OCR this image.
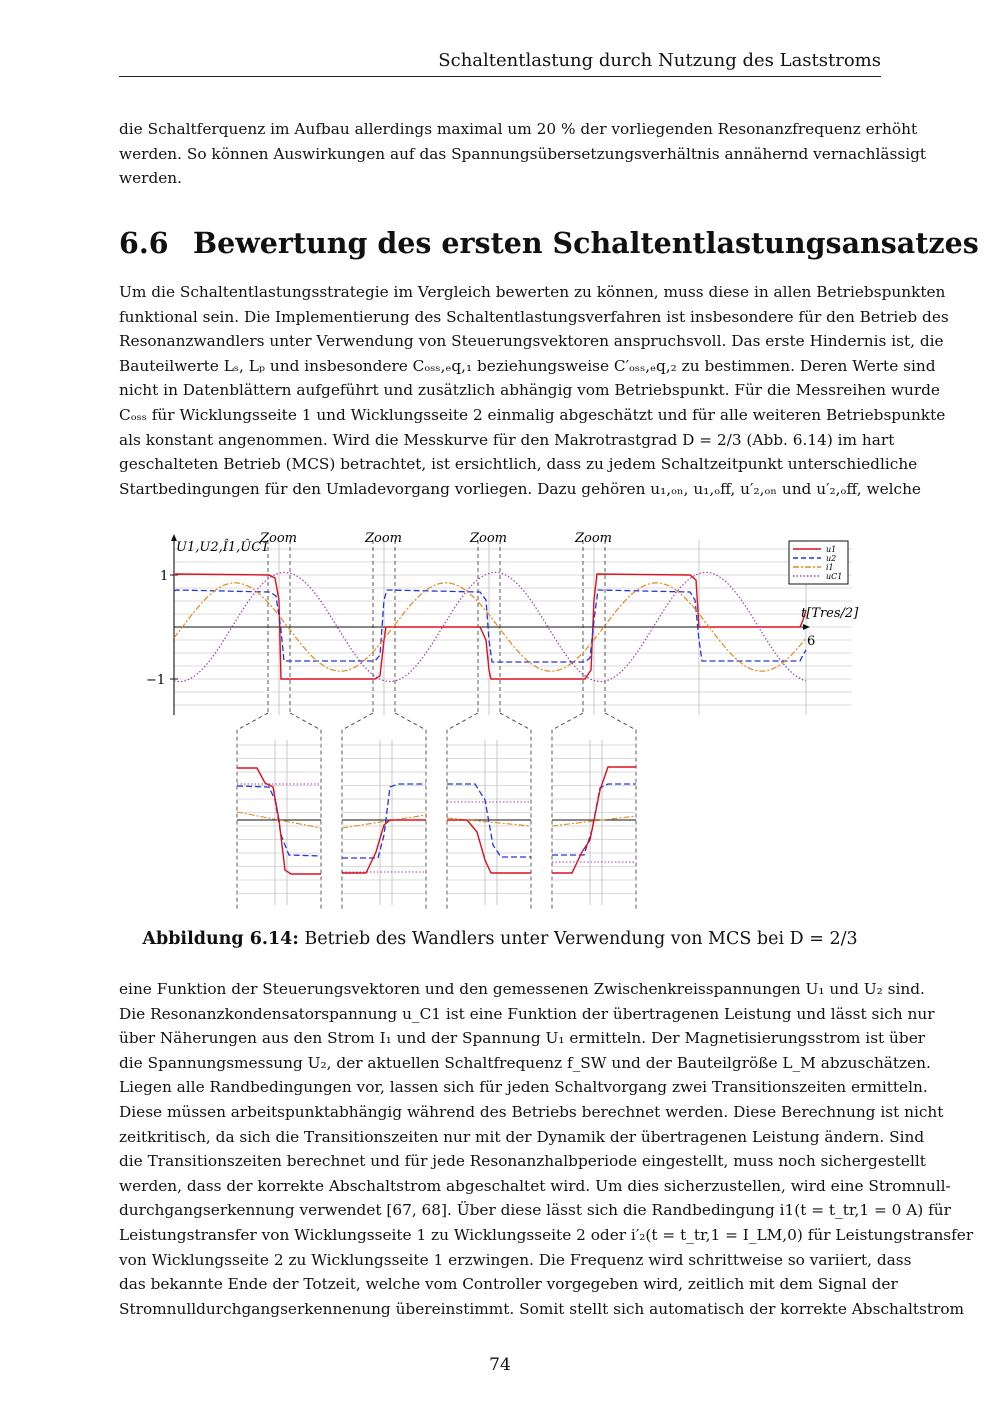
Schaltentlastung durch Nutzung des Laststroms

die Schaltferquenz im Aufbau allerdings maximal um 20 % der vorliegenden Resonanzfrequenz erhöht
werden. So können Auswirkungen auf das Spannungsübersetzungsverhältnis annähernd vernachlässigt
werden.

6.6 Bewertung des ersten Schaltentlastungsansatzes

Um die Schaltentlastungsstrategie im Vergleich bewerten zu können, muss diese in allen Betriebspunkten
funktional sein. Die Implementierung des Schaltentlastungsverfahren ist insbesondere für den Betrieb des
Resonanzwandlers unter Verwendung von Steuerungsvektoren anspruchsvoll. Das erste Hindernis ist, die
Bauteilwerte Lₛ, Lₚ und insbesondere Cₒₛₛ,ₑq,₁ beziehungsweise C′ₒₛₛ,ₑq,₂ zu bestimmen. Deren Werte sind
nicht in Datenblättern aufgeführt und zusätzlich abhängig vom Betriebspunkt. Für die Messreihen wurde
Cₒₛₛ für Wicklungsseite 1 und Wicklungsseite 2 einmalig abgeschätzt und für alle weiteren Betriebspunkte
als konstant angenommen. Wird die Messkurve für den Makrotrastgrad D = 2/3 (Abb. 6.14) im hart
geschalteten Betrieb (MCS) betrachtet, ist ersichtlich, dass zu jedem Schaltzeitpunkt unterschiedliche
Startbedingungen für den Umladevorgang vorliegen. Dazu gehören u₁,ₒₙ, u₁,ₒff, u′₂,ₒₙ und u′₂,ₒff, welche

U1,U2,Î1,ÛC1
1
−1
t[Tres/2]
6
Zoom	Zoom	Zoom	Zoom
u1
u2
i1
uC1
Abbildung 6.14: Betrieb des Wandlers unter Verwendung von MCS bei D = 2/3

eine Funktion der Steuerungsvektoren und den gemessenen Zwischenkreisspannungen U₁ und U₂ sind.
Die Resonanzkondensatorspannung u_C1 ist eine Funktion der übertragenen Leistung und lässt sich nur
über Näherungen aus den Strom I₁ und der Spannung U₁ ermitteln. Der Magnetisierungsstrom ist über
die Spannungsmessung U₂, der aktuellen Schaltfrequenz f_SW und der Bauteilgröße L_M abzuschätzen.
Liegen alle Randbedingungen vor, lassen sich für jeden Schaltvorgang zwei Transitionszeiten ermitteln.
Diese müssen arbeitspunktabhängig während des Betriebs berechnet werden. Diese Berechnung ist nicht
zeitkritisch, da sich die Transitionszeiten nur mit der Dynamik der übertragenen Leistung ändern. Sind
die Transitionszeiten berechnet und für jede Resonanzhalbperiode eingestellt, muss noch sichergestellt
werden, dass der korrekte Abschaltstrom abgeschaltet wird. Um dies sicherzustellen, wird eine Stromnull-
durchgangserkennung verwendet [67, 68]. Über diese lässt sich die Randbedingung i1(t = t_tr,1 = 0 A) für
Leistungstransfer von Wicklungsseite 1 zu Wicklungsseite 2 oder i′₂(t = t_tr,1 = I_LM,0) für Leistungstransfer
von Wicklungsseite 2 zu Wicklungsseite 1 erzwingen. Die Frequenz wird schrittweise so variiert, dass
das bekannte Ende der Totzeit, welche vom Controller vorgegeben wird, zeitlich mit dem Signal der
Stromnulldurchgangserkennenung übereinstimmt. Somit stellt sich automatisch der korrekte Abschaltstrom

74
